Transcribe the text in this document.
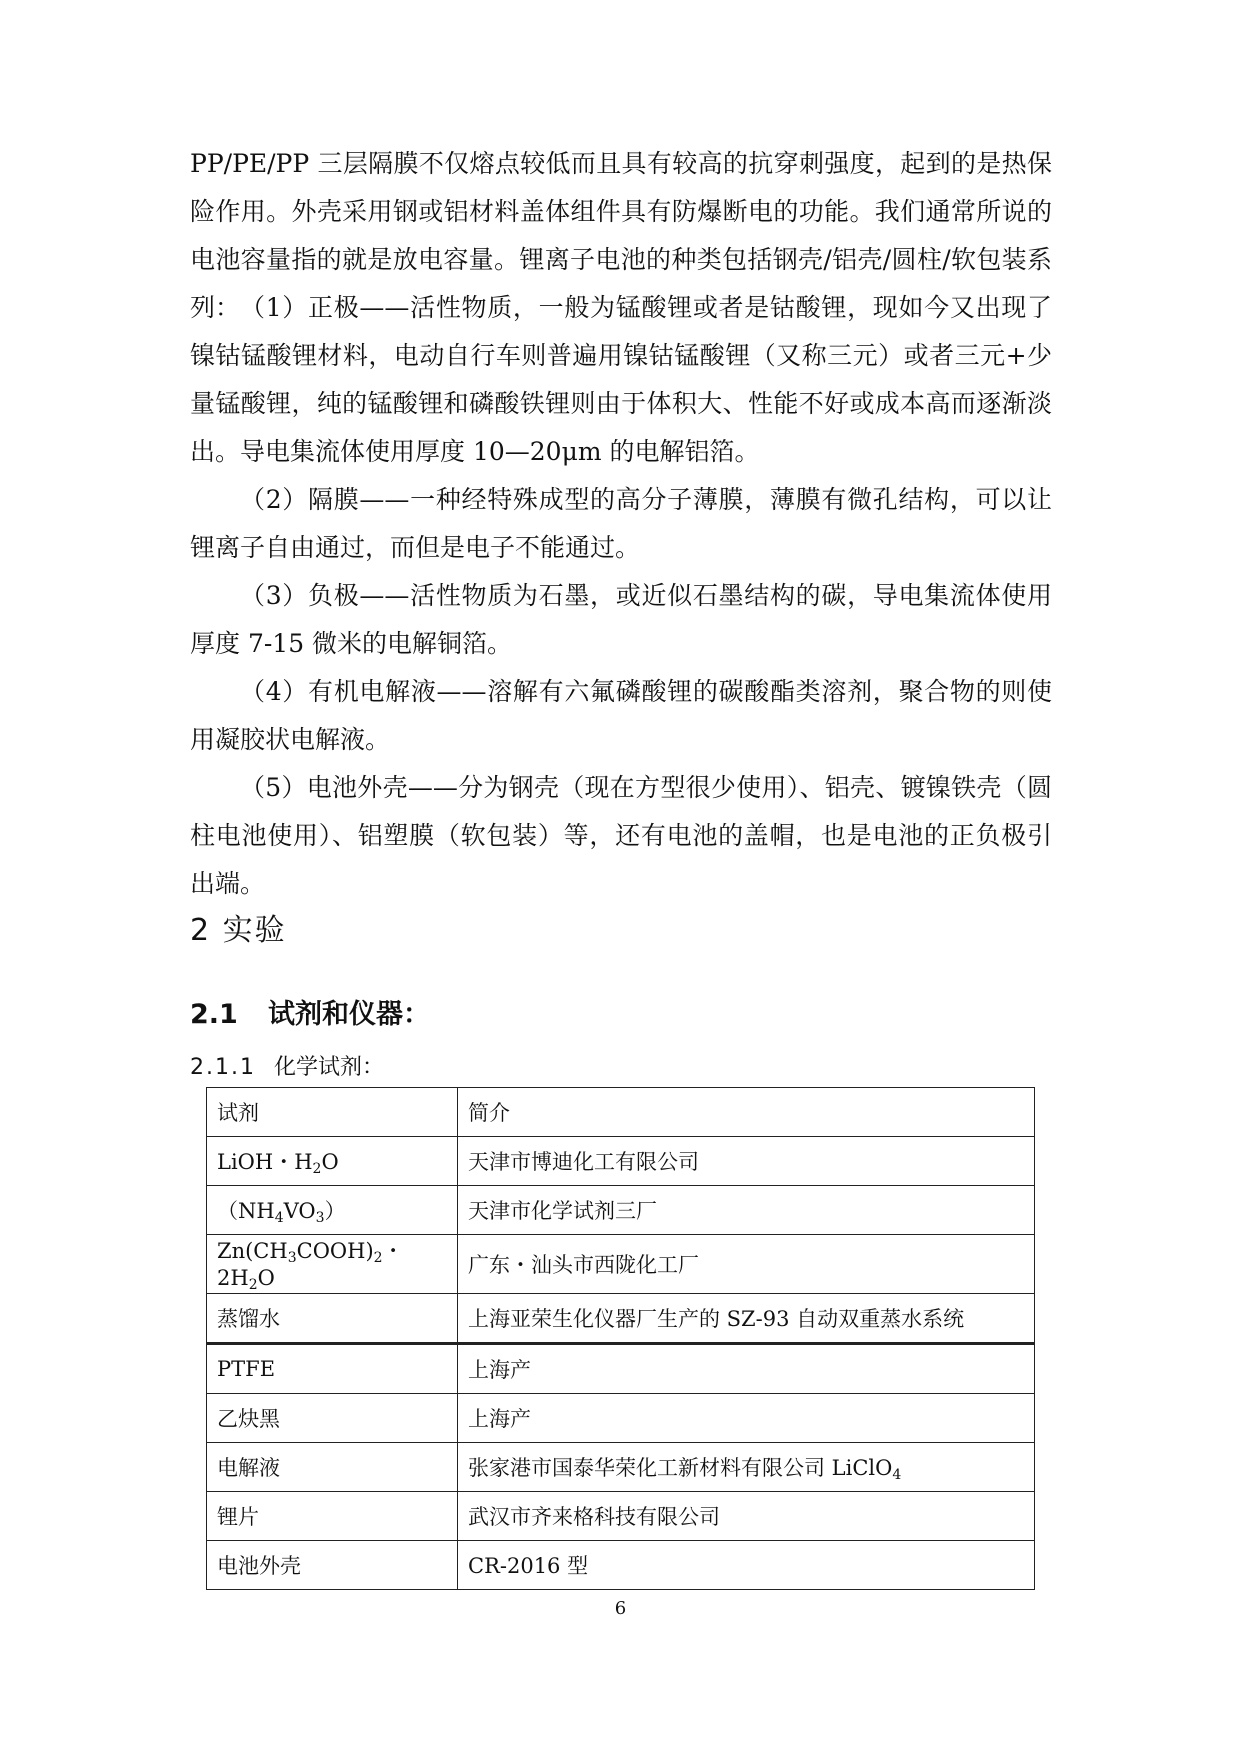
PP/PE/PP 三层隔膜不仅熔点较低而且具有较高的抗穿刺强度，起到的是热保险作用。外壳采用钢或铝材料盖体组件具有防爆断电的功能。我们通常所说的电池容量指的就是放电容量。锂离子电池的种类包括钢壳/铝壳/圆柱/软包装系列： （1）正极——活性物质，一般为锰酸锂或者是钴酸锂，现如今又出现了镍钴锰酸锂材料，电动自行车则普遍用镍钴锰酸锂（又称三元）或者三元+少量锰酸锂，纯的锰酸锂和磷酸铁锂则由于体积大、性能不好或成本高而逐渐淡出。导电集流体使用厚度 10—20μm 的电解铝箔。

（2）隔膜——一种经特殊成型的高分子薄膜，薄膜有微孔结构，可以让锂离子自由通过，而但是电子不能通过。

（3）负极——活性物质为石墨，或近似石墨结构的碳，导电集流体使用厚度 7-15 微米的电解铜箔。

（4）有机电解液——溶解有六氟磷酸锂的碳酸酯类溶剂，聚合物的则使用凝胶状电解液。

（5）电池外壳——分为钢壳（现在方型很少使用）、铝壳、镀镍铁壳（圆柱电池使用）、铝塑膜（软包装）等，还有电池的盖帽，也是电池的正负极引出端。

2 实验
2.1 试剂和仪器：
2.1.1 化学试剂：
试剂	简介
LiOH・$H_2O$	天津市博迪化工有限公司
$(NH_4VO_3)$	天津市化学试剂三厂
$Zn(CH_3COOH)_2$・$2H_2O$	广东・汕头市西陇化工厂
蒸馏水	上海亚荣生化仪器厂生产的 SZ-93 自动双重蒸水系统
PTFE	上海产
乙炔黑	上海产
电解液	张家港市国泰华荣化工新材料有限公司 LiClO$_4$
锂片	武汉市齐来格科技有限公司
电池外壳	CR-2016 型
6
